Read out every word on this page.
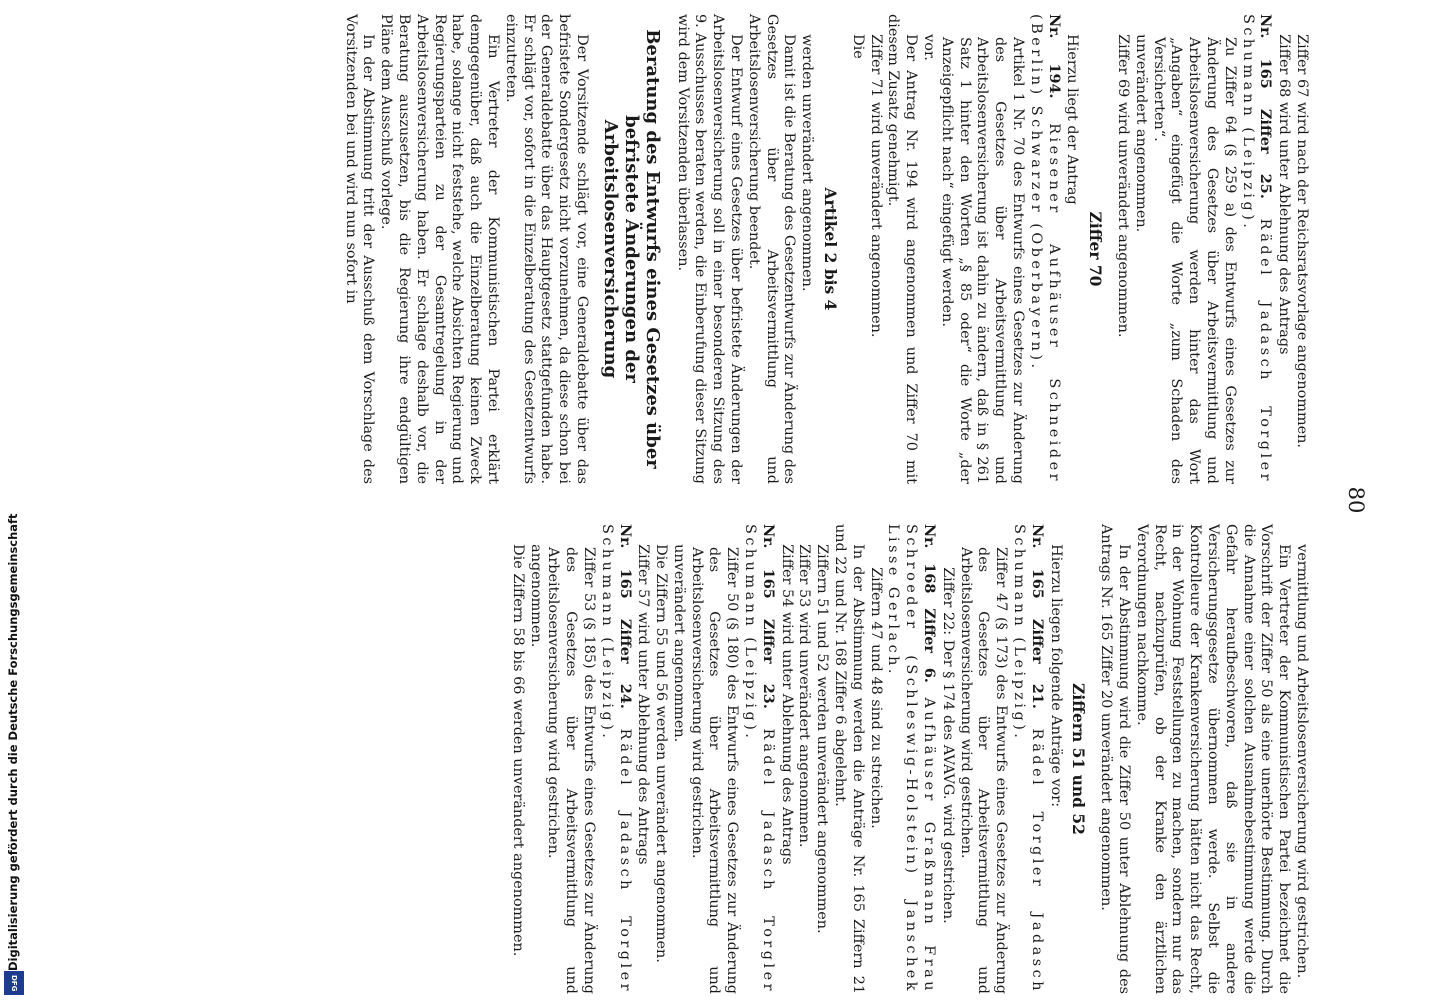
80

Ziffer 67 wird nach der Reichsratsvorlage angenommen.

Ziffer 68 wird unter Ablehnung des Antrags

Nr. 165 Ziffer 25. Rädel Jadasch Torgler Schumann (Leipzig).
Zu Ziffer 64 (§ 259 a) des Entwurfs eines Gesetzes zur Änderung des Gesetzes über Arbeitsvermittlung und Arbeitslosenversicherung werden hinter das Wort „Angaben“ eingefügt die Worte „zum Schaden des Versicherten“.

unverändert angenommen.

Ziffer 69 wird unverändert angenommen.

Ziffer 70

Hierzu liegt der Antrag

Nr. 194. Riesener Aufhäuser Schneider (Berlin) Schwarzer (Oberbayern).
Artikel 1 Nr. 70 des Entwurfs eines Gesetzes zur Änderung des Gesetzes über Arbeitsvermittlung und Arbeitslosenversicherung ist dahin zu ändern, daß in § 261 Satz 1 hinter den Worten „§ 85 oder“ die Worte „der Anzeigepflicht nach“ eingefügt werden.

vor.

Der Antrag Nr. 194 wird angenommen und Ziffer 70 mit diesem Zusatz genehmigt.

Ziffer 71 wird unverändert angenommen.

Die

Artikel 2 bis 4

werden unverändert angenommen.

Damit ist die Beratung des Gesetzentwurfs zur Änderung des Gesetzes über Arbeitsvermittlung und Arbeitslosenversicherung beendet.

Der Entwurf eines Gesetzes über befristete Änderungen der Arbeitslosenversicherung soll in einer besonderen Sitzung des 9. Ausschusses beraten werden, die Einberufung dieser Sitzung wird dem Vorsitzenden überlassen.

Beratung des Entwurfs eines Gesetzes über befristete Änderungen der Arbeitslosenversicherung

Der Vorsitzende schlägt vor, eine Generaldebatte über das befristete Sondergesetz nicht vorzunehmen, da diese schon bei der Generaldebatte über das Hauptgesetz stattgefunden habe. Er schlägt vor, sofort in die Einzelberatung des Gesetzentwurfs einzutreten.

Ein Vertreter der Kommunistischen Partei erklärt demgegenüber, daß auch die Einzelberatung keinen Zweck habe, solange nicht feststehe, welche Absichten Regierung und Regierungsparteien zu der Gesamtregelung in der Arbeitslosenversicherung haben. Er schlage deshalb vor, die Beratung auszusetzen, bis die Regierung ihre endgültigen Pläne dem Ausschuß vorlege.

In der Abstimmung tritt der Ausschuß dem Vorschlage des Vorsitzenden bei und wird nun sofort in

vermittlung und Arbeitslosenversicherung wird gestrichen.

Ein Vertreter der Kommunistischen Partei bezeichnet die Vorschrift der Ziffer 50 als eine unerhörte Bestimmung. Durch die Annahme einer solchen Ausnahmebestimmung werde die Gefahr heraufbeschworen, daß sie in andere Versicherungsgesetze übernommen werde. Selbst die Kontrolleure der Krankenversicherung hätten nicht das Recht, in der Wohnung Feststellungen zu machen, sondern nur das Recht, nachzuprüfen, ob der Kranke den ärztlichen Verordnungen nachkomme.

In der Abstimmung wird die Ziffer 50 unter Ablehnung des Antrags Nr. 165 Ziffer 20 unverändert angenommen.

Ziffern 51 und 52

Hierzu liegen folgende Anträge vor:

Nr. 165 Ziffer 21. Rädel Torgler Jadasch Schumann (Leipzig).
Ziffer 47 (§ 173) des Entwurfs eines Gesetzes zur Änderung des Gesetzes über Arbeitsvermittlung und Arbeitslosenversicherung wird gestrichen.
Ziffer 22: Der § 174 des AVAVG. wird gestrichen.
Nr. 168 Ziffer 6. Aufhäuser Graßmann Frau Schroeder (Schleswig-Holstein) Janschek Lisse Gerlach.
Ziffern 47 und 48 sind zu streichen.

In der Abstimmung werden die Anträge Nr. 165 Ziffern 21 und 22 und Nr. 168 Ziffer 6 abgelehnt.

Ziffern 51 und 52 werden unverändert angenommen.

Ziffer 53 wird unverändert angenommen.

Ziffer 54 wird unter Ablehnung des Antrags

Nr. 165 Ziffer 23. Rädel Jadasch Torgler Schumann (Leipzig).
Ziffer 50 (§ 180) des Entwurfs eines Gesetzes zur Änderung des Gesetzes über Arbeitsvermittlung und Arbeitslosenversicherung wird gestrichen.

unverändert angenommen.

Die Ziffern 55 und 56 werden unverändert angenommen.

Ziffer 57 wird unter Ablehnung des Antrags

Nr. 165 Ziffer 24. Rädel Jadasch Torgler Schumann (Leipzig).
Ziffer 53 (§ 185) des Entwurfs eines Gesetzes zur Änderung des Gesetzes über Arbeitsvermittlung und Arbeitslosenversicherung wird gestrichen.

angenommen.

Die Ziffern 58 bis 66 werden unverändert angenommen.

DFG
Digitalisierung gefördert durch die Deutsche Forschungsgemeinschaft
